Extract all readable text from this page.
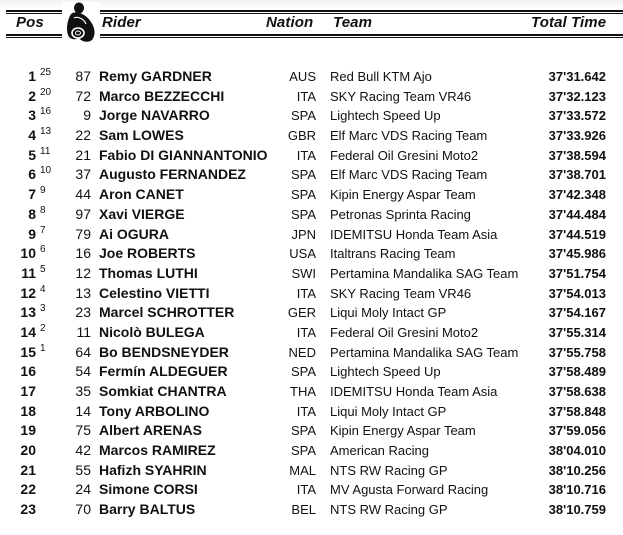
Pos	Rider	Nation Team	Total Time
1 25	87 Remy GARDNER	AUS Red Bull KTM Ajo	37'31.642
2 20	72 Marco BEZZECCHI	ITA SKY Racing Team VR46	37'32.123
3 16	9 Jorge NAVARRO	SPA Lightech Speed Up	37'33.572
4 13	22 Sam LOWES	GBR Elf Marc VDS Racing Team	37'33.926
5 11	21 Fabio DI GIANNANTONIO	ITA Federal Oil Gresini Moto2	37'38.594
6 10	37 Augusto FERNANDEZ	SPA Elf Marc VDS Racing Team	37'38.701
7 9	44 Aron CANET	SPA Kipin Energy Aspar Team	37'42.348
8 8	97 Xavi VIERGE	SPA Petronas Sprinta Racing	37'44.484
9 7	79 Ai OGURA	JPN IDEMITSU Honda Team Asia	37'44.519
10 6	16 Joe ROBERTS	USA Italtrans Racing Team	37'45.986
11 5	12 Thomas LUTHI	SWI Pertamina Mandalika SAG Team	37'51.754
12 4	13 Celestino VIETTI	ITA SKY Racing Team VR46	37'54.013
13 3	23 Marcel SCHROTTER	GER Liqui Moly Intact GP	37'54.167
14 2	11 Nicolò BULEGA	ITA Federal Oil Gresini Moto2	37'55.314
15 1	64 Bo BENDSNEYDER	NED Pertamina Mandalika SAG Team	37'55.758
16	54 Fermín ALDEGUER	SPA Lightech Speed Up	37'58.489
17	35 Somkiat CHANTRA	THA IDEMITSU Honda Team Asia	37'58.638
18	14 Tony ARBOLINO	ITA Liqui Moly Intact GP	37'58.848
19	75 Albert ARENAS	SPA Kipin Energy Aspar Team	37'59.056
20	42 Marcos RAMIREZ	SPA American Racing	38'04.010
21	55 Hafizh SYAHRIN	MAL NTS RW Racing GP	38'10.256
22	24 Simone CORSI	ITA MV Agusta Forward Racing	38'10.716
23	70 Barry BALTUS	BEL NTS RW Racing GP	38'10.759
